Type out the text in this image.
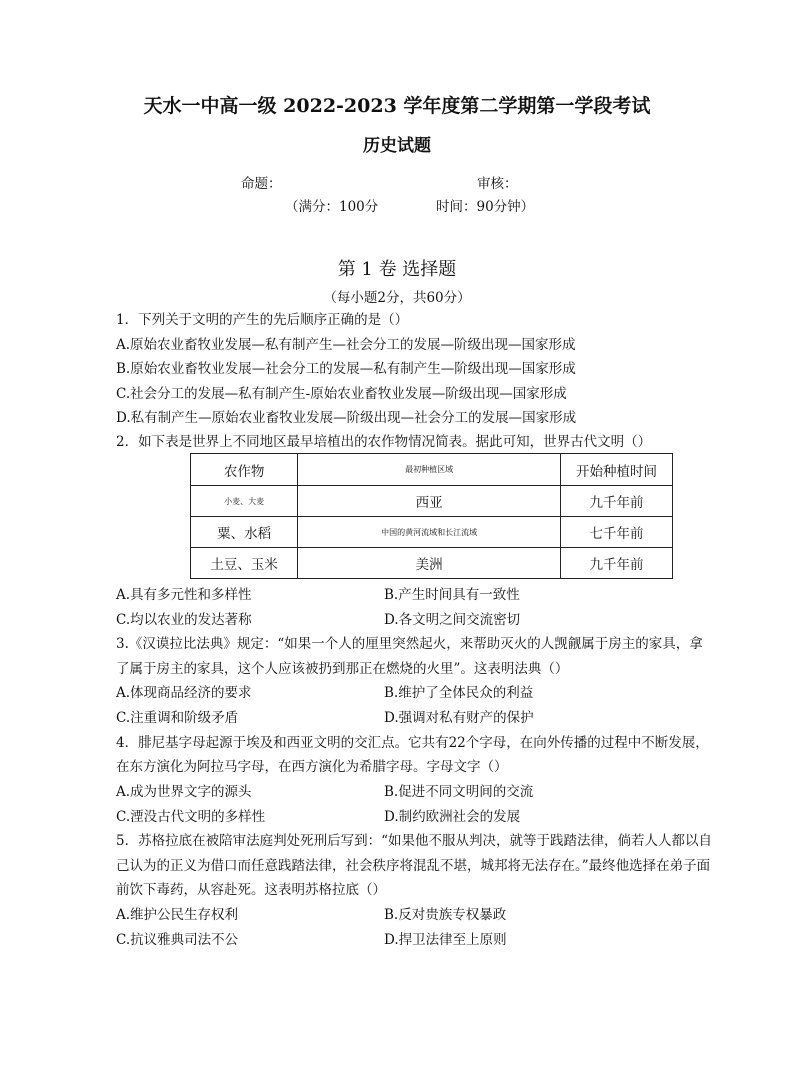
天水一中高一级 2022-2023 学年度第二学期第一学段考试
历史试题
命题：	审核：
（满分：100分	时间：90分钟）
第 1 卷 选择题
（每小题2分，共60分）
1．下列关于文明的产生的先后顺序正确的是（）
A.原始农业畜牧业发展—私有制产生—社会分工的发展—阶级出现—国家形成
B.原始农业畜牧业发展—社会分工的发展—私有制产生—阶级出现—国家形成
C.社会分工的发展—私有制产生-原始农业畜牧业发展—阶级出现—国家形成
D.私有制产生—原始农业畜牧业发展—阶级出现—社会分工的发展—国家形成
2．如下表是世界上不同地区最早培植出的农作物情况简表。据此可知，世界古代文明（）
农作物	最初种植区域	开始种植时间
小麦、大麦	西亚	九千年前
粟、水稻	中国的黄河流域和长江流域	七千年前
土豆、玉米	美洲	九千年前
A.具有多元性和多样性	B.产生时间具有一致性
C.均以农业的发达著称	D.各文明之间交流密切
3.《汉谟拉比法典》规定：“如果一个人的厘里突然起火，来帮助灭火的人觊觎属于房主的家具，拿
了属于房主的家具，这个人应该被扔到那正在燃烧的火里”。这表明法典（）
A.体现商品经济的要求	B.维护了全体民众的利益
C.注重调和阶级矛盾	D.强调对私有财产的保护
4．腓尼基字母起源于埃及和西亚文明的交汇点。它共有22个字母，在向外传播的过程中不断发展，
在东方演化为阿拉马字母，在西方演化为希腊字母。字母文字（）
A.成为世界文字的源头	B.促进不同文明间的交流
C.湮没古代文明的多样性	D.制约欧洲社会的发展
5．苏格拉底在被陪审法庭判处死刑后写到：“如果他不服从判决，就等于践踏法律，倘若人人都以自
己认为的正义为借口而任意践踏法律，社会秩序将混乱不堪，城邦将无法存在。”最终他选择在弟子面
前饮下毒药，从容赴死。这表明苏格拉底（）
A.维护公民生存权利	B.反对贵族专权暴政
C.抗议雅典司法不公	D.捍卫法律至上原则
